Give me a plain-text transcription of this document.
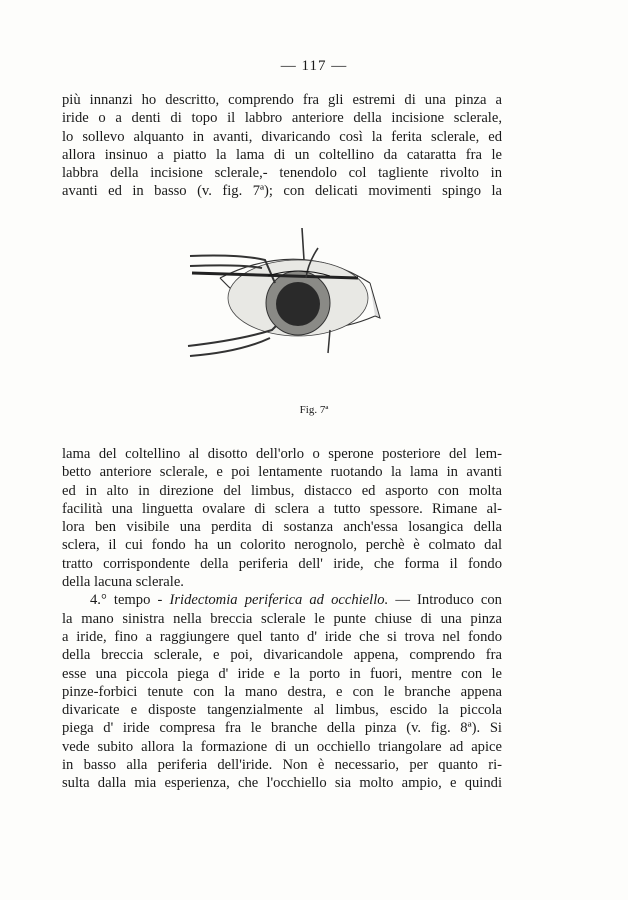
— 117 —
più innanzi ho descritto, comprendo fra gli estremi di una pinza a
iride o a denti di topo il labbro anteriore della incisione sclerale,
lo sollevo alquanto in avanti, divaricando così la ferita sclerale, ed
allora insinuo a piatto la lama di un coltellino da cataratta fra le
labbra della incisione sclerale,- tenendolo col tagliente rivolto in
avanti ed in basso (v. fig. 7ª); con delicati movimenti spingo la
Fig. 7ª
lama del coltellino al disotto dell'orlo o sperone posteriore del lem-
betto anteriore sclerale, e poi lentamente ruotando la lama in avanti
ed in alto in direzione del limbus, distacco ed asporto con molta
facilità una linguetta ovalare di sclera a tutto spessore. Rimane al-
lora ben visibile una perdita di sostanza anch'essa losangica della
sclera, il cui fondo ha un colorito nerognolo, perchè è colmato dal
tratto corrispondente della periferia dell' iride, che forma il fondo
della lacuna sclerale.
4.° tempo - Iridectomia periferica ad occhiello. — Introduco con
la mano sinistra nella breccia sclerale le punte chiuse di una pinza
a iride, fino a raggiungere quel tanto d' iride che si trova nel fondo
della breccia sclerale, e poi, divaricandole appena, comprendo fra
esse una piccola piega d' iride e la porto in fuori, mentre con le
pinze-forbici tenute con la mano destra, e con le branche appena
divaricate e disposte tangenzialmente al limbus, escido la piccola
piega d' iride compresa fra le branche della pinza (v. fig. 8ª). Si
vede subito allora la formazione di un occhiello triangolare ad apice
in basso alla periferia dell'iride. Non è necessario, per quanto ri-
sulta dalla mia esperienza, che l'occhiello sia molto ampio, e quindi
